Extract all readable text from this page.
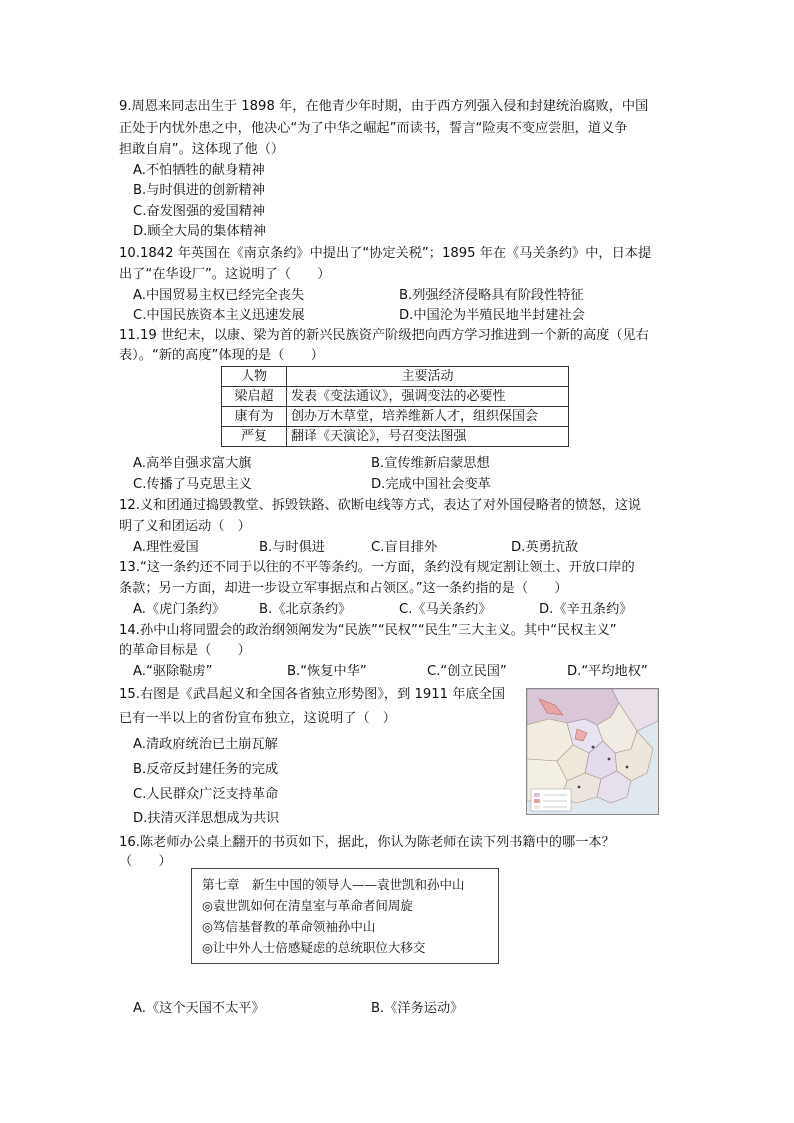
9.周恩来同志出生于 1898 年，在他青少年时期，由于西方列强入侵和封建统治腐败，中国
正处于内忧外患之中，他决心“为了中华之崛起”而读书，誓言“险夷不变应尝胆，道义争
担敢自肩”。这体现了他（）
A.不怕牺牲的献身精神
B.与时俱进的创新精神
C.奋发图强的爱国精神
D.顾全大局的集体精神
10.1842 年英国在《南京条约》中提出了“协定关税”；1895 年在《马关条约》中，日本提
出了“在华设厂”。这说明了（　　）
A.中国贸易主权已经完全丧失	B.列强经济侵略具有阶段性特征
C.中国民族资本主义迅速发展	D.中国沦为半殖民地半封建社会
11.19 世纪末，以康、梁为首的新兴民族资产阶级把向西方学习推进到一个新的高度（见右
表）。“新的高度”体现的是（　　）
人物	主要活动
梁启超	发表《变法通议》，强调变法的必要性
康有为	创办万木草堂，培养维新人才，组织保国会
严复	翻译《天演论》，号召变法图强
A.高举自强求富大旗	B.宣传维新启蒙思想
C.传播了马克思主义	D.完成中国社会变革
12.义和团通过捣毁教堂、拆毁铁路、砍断电线等方式，表达了对外国侵略者的愤怒，这说
明了义和团运动（　）
A.理性爱国	B.与时俱进	C.盲目排外	D.英勇抗敌
13.“这一条约还不同于以往的不平等条约。一方面，条约没有规定割让领土、开放口岸的
条款；另一方面，却进一步设立军事据点和占领区。”这一条约指的是（　　）
A.《虎门条约》	B.《北京条约》	C.《马关条约》	D.《辛丑条约》
14.孙中山将同盟会的政治纲领阐发为“民族”“民权”“民生”三大主义。其中“民权主义”
的革命目标是（　　）
A.“驱除鞑虏”	B.“恢复中华”	C.“创立民国”	D.“平均地权”
15.右图是《武昌起义和全国各省独立形势图》，到 1911 年底全国
已有一半以上的省份宣布独立，这说明了（　）
A.清政府统治已土崩瓦解
B.反帝反封建任务的完成
C.人民群众广泛支持革命
D.扶清灭洋思想成为共识
16.陈老师办公桌上翻开的书页如下，据此，你认为陈老师在读下列书籍中的哪一本？
（　　）
第七章　新生中国的领导人——袁世凯和孙中山
◎袁世凯如何在清皇室与革命者间周旋
◎笃信基督教的革命领袖孙中山
◎让中外人士倍感疑虑的总统职位大移交
A.《这个天国不太平》	B.《洋务运动》
